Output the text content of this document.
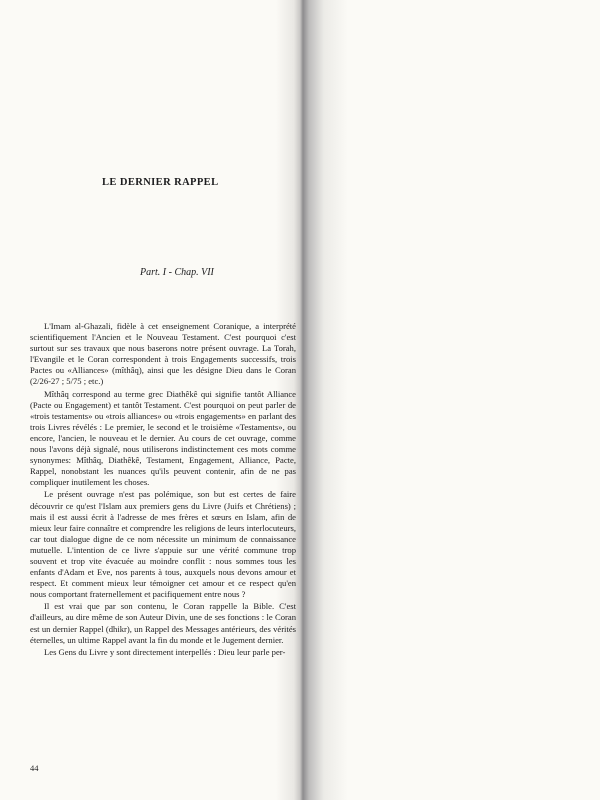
LE DERNIER RAPPEL

Part. I - Chap. VII

L'Imam al-Ghazali, fidèle à cet enseignement Coranique, a interprété scientifiquement l'Ancien et le Nouveau Testament. C'est pourquoi c'est surtout sur ses travaux que nous baserons notre présent ouvrage. La Torah, l'Evangile et le Coran correspondent à trois Engagements successifs, trois Pactes ou «Alliances» (mîthâq), ainsi que les désigne Dieu dans le Coran (2/26-27 ; 5/75 ; etc.)

Mîthâq correspond au terme grec Diathêkê qui signifie tantôt Alliance (Pacte ou Engagement) et tantôt Testament. C'est pourquoi on peut parler de «trois testaments» ou «trois alliances» ou «trois engagements» en parlant des trois Livres révélés : Le premier, le second et le troisième «Testaments», ou encore, l'ancien, le nouveau et le dernier. Au cours de cet ouvrage, comme nous l'avons déjà signalé, nous utiliserons indistinctement ces mots comme synonymes: Mîthâq, Diathêkê, Testament, Engagement, Alliance, Pacte, Rappel, nonobstant les nuances qu'ils peuvent contenir, afin de ne pas compliquer inutilement les choses.

Le présent ouvrage n'est pas polémique, son but est certes de faire découvrir ce qu'est l'Islam aux premiers gens du Livre (Juifs et Chrétiens) ; mais il est aussi écrit à l'adresse de mes frères et sœurs en Islam, afin de mieux leur faire connaître et comprendre les religions de leurs interlocuteurs, car tout dialogue digne de ce nom nécessite un minimum de connaissance mutuelle. L'intention de ce livre s'appuie sur une vérité commune trop souvent et trop vite évacuée au moindre conflit : nous sommes tous les enfants d'Adam et Eve, nos parents à tous, auxquels nous devons amour et respect. Et comment mieux leur témoigner cet amour et ce respect qu'en nous comportant fraternellement et pacifiquement entre nous ?

Il est vrai que par son contenu, le Coran rappelle la Bible. C'est d'ailleurs, au dire même de son Auteur Divin, une de ses fonctions : le Coran est un dernier Rappel (dhikr), un Rappel des Messages antérieurs, des vérités éternelles, un ultime Rappel avant la fin du monde et le Jugement dernier.

Les Gens du Livre y sont directement interpellés : Dieu leur parle per-

44
